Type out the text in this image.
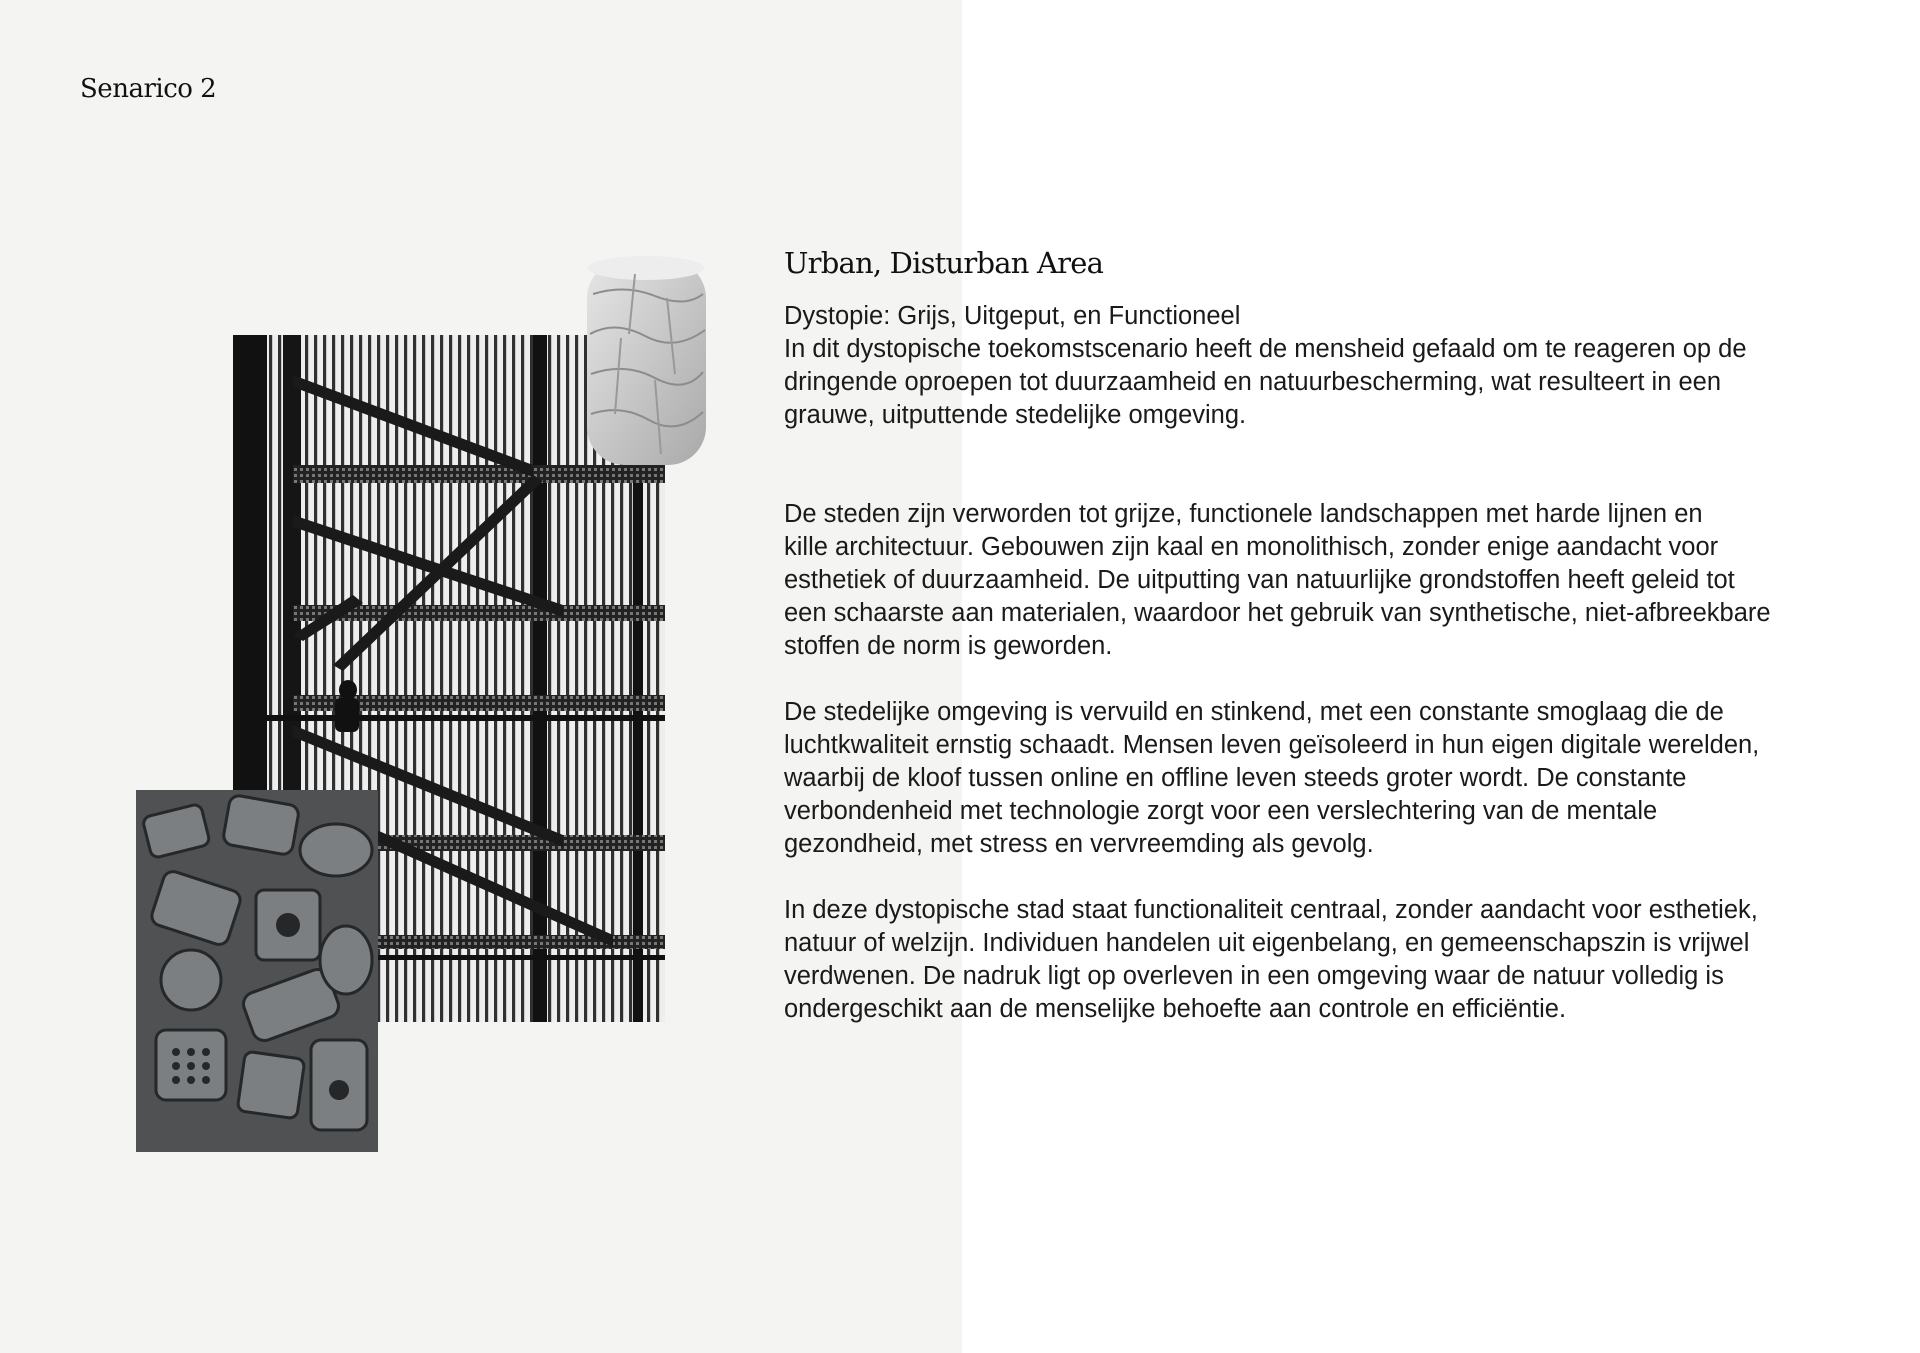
Senarico 2
Urban, Disturban Area

Dystopie: Grijs, Uitgeput, en Functioneel
In dit dystopische toekomstscenario heeft de mensheid gefaald om te reageren op de
dringende oproepen tot duurzaamheid en natuurbescherming, wat resulteert in een
grauwe, uitputtende stedelijke omgeving.

De steden zijn verworden tot grijze, functionele landschappen met harde lijnen en
kille architectuur. Gebouwen zijn kaal en monolithisch, zonder enige aandacht voor
esthetiek of duurzaamheid. De uitputting van natuurlijke grondstoffen heeft geleid tot
een schaarste aan materialen, waardoor het gebruik van synthetische, niet-afbreekbare
stoffen de norm is geworden.

De stedelijke omgeving is vervuild en stinkend, met een constante smoglaag die de
luchtkwaliteit ernstig schaadt. Mensen leven geïsoleerd in hun eigen digitale werelden,
waarbij de kloof tussen online en offline leven steeds groter wordt. De constante
verbondenheid met technologie zorgt voor een verslechtering van de mentale
gezondheid, met stress en vervreemding als gevolg.

In deze dystopische stad staat functionaliteit centraal, zonder aandacht voor esthetiek,
natuur of welzijn. Individuen handelen uit eigenbelang, en gemeenschapszin is vrijwel
verdwenen. De nadruk ligt op overleven in een omgeving waar de natuur volledig is
ondergeschikt aan de menselijke behoefte aan controle en efficiëntie.
